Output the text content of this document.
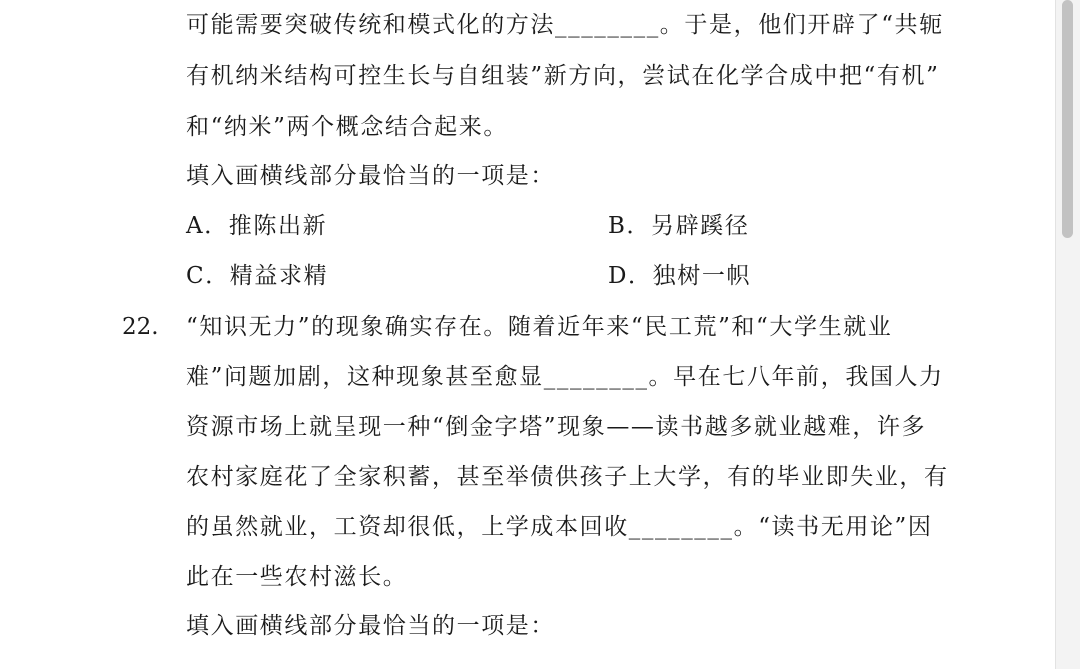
可能需要突破传统和模式化的方法________。于是，他们开辟了“共轭
有机纳米结构可控生长与自组装”新方向，尝试在化学合成中把“有机”
和“纳米”两个概念结合起来。
填入画横线部分最恰当的一项是：
A．推陈出新	B．另辟蹊径
C．精益求精	D．独树一帜
22. “知识无力”的现象确实存在。随着近年来“民工荒”和“大学生就业
难”问题加剧，这种现象甚至愈显________。早在七八年前，我国人力
资源市场上就呈现一种“倒金字塔”现象——读书越多就业越难，许多
农村家庭花了全家积蓄，甚至举债供孩子上大学，有的毕业即失业，有
的虽然就业，工资却很低，上学成本回收________。“读书无用论”因
此在一些农村滋长。
填入画横线部分最恰当的一项是：
